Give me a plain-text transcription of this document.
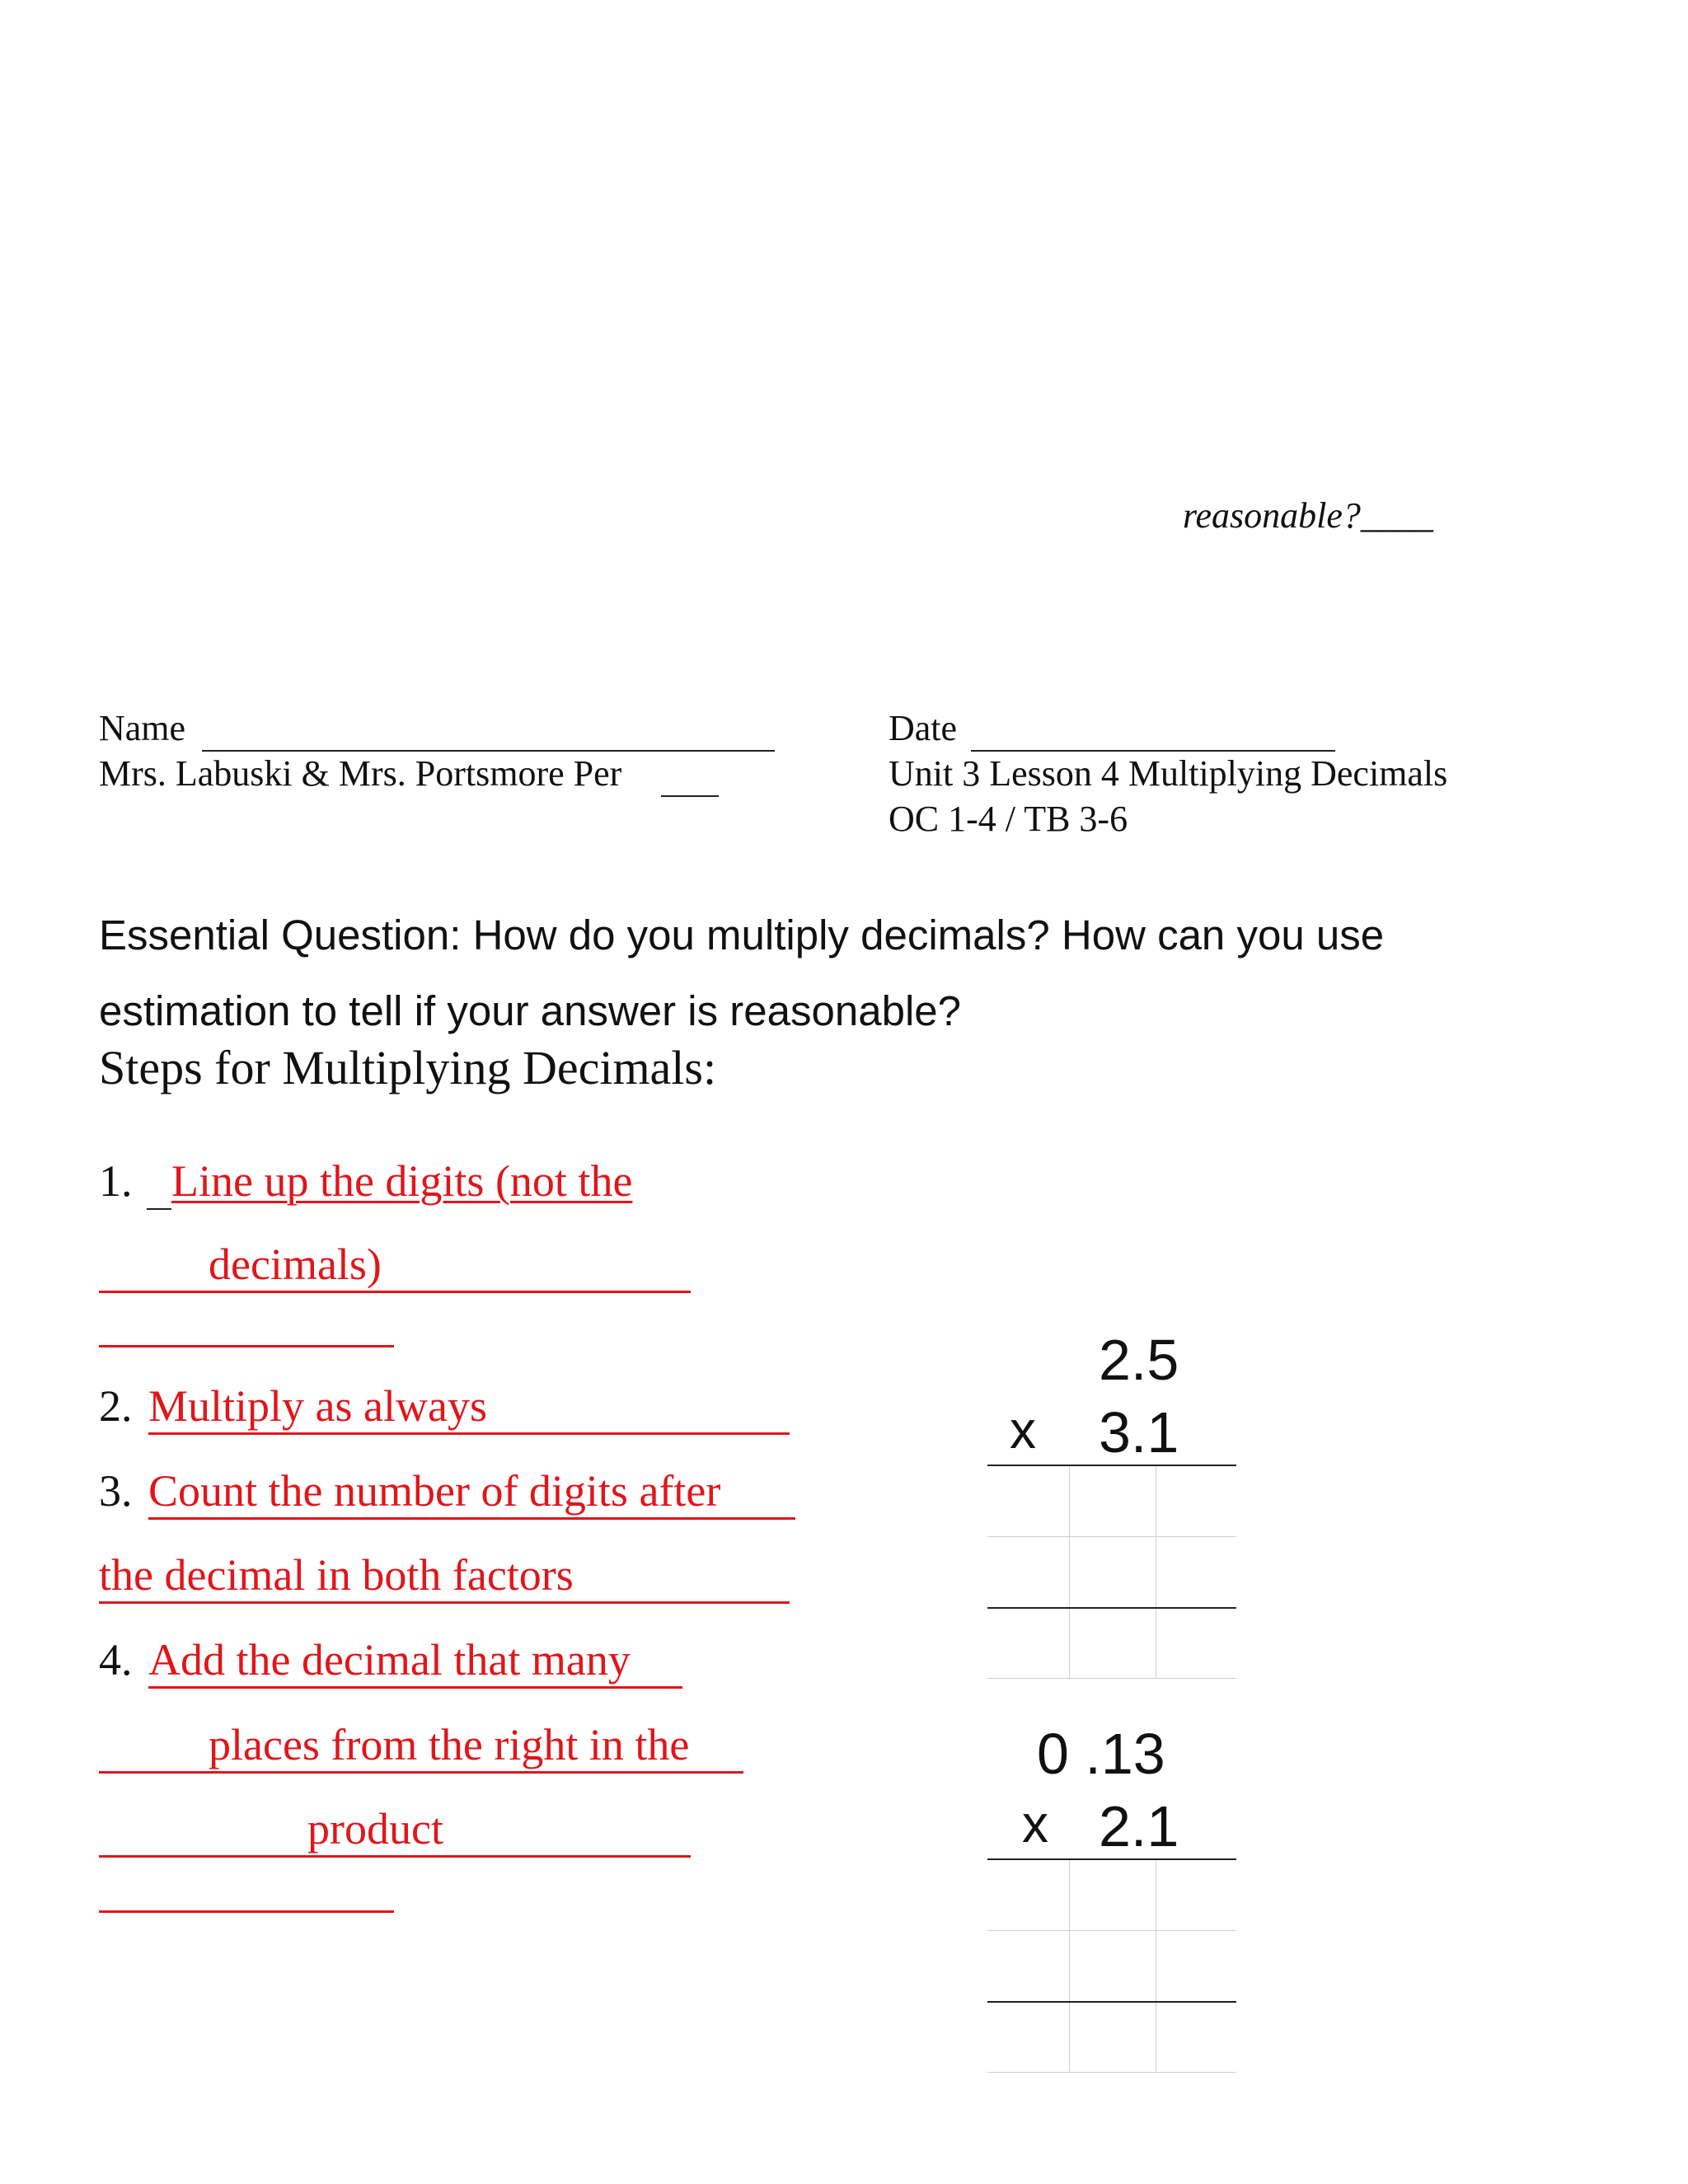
reasonable?____
Name
Mrs. Labuski & Mrs. Portsmore Per
Date
Unit 3 Lesson 4 Multiplying Decimals
OC 1-4 / TB 3-6
Essential Question: How do you multiply decimals? How can you use
estimation to tell if your answer is reasonable?
Steps for Multiplying Decimals:
1. Line up the digits (not the
decimals)
2. Multiply as always
3. Count the number of digits after
the decimal in both factors
4. Add the decimal that many
places from the right in the
product
2.5
x 3.1
0 .13
x 2.1
